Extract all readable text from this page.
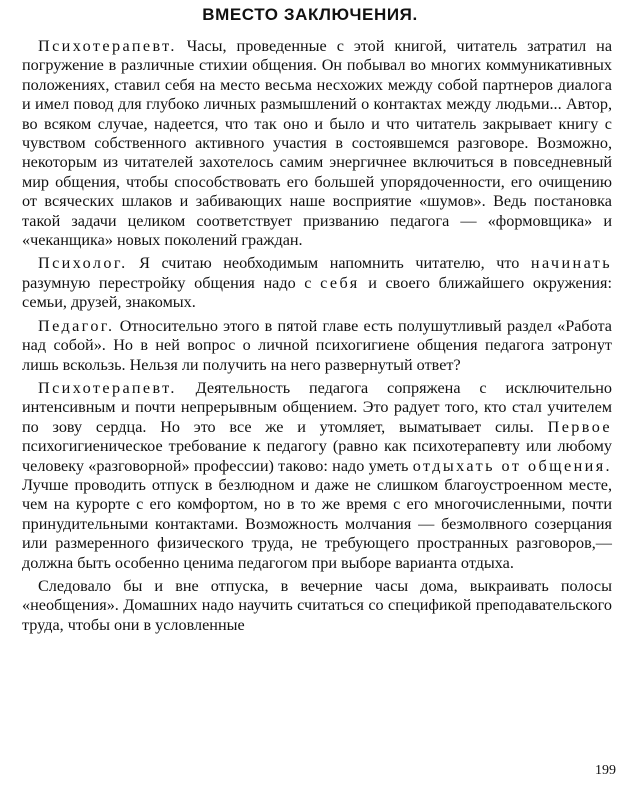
ВМЕСТО ЗАКЛЮЧЕНИЯ.

Психотерапевт. Часы, проведенные с этой книгой, читатель затратил на погружение в различные стихии общения. Он побывал во многих коммуникативных положениях, ставил себя на место весьма несхожих между собой партнеров диалога и имел повод для глубоко личных размышлений о контактах между людьми... Автор, во всяком случае, надеется, что так оно и было и что читатель закрывает книгу с чувством собственного активного участия в состоявшемся разговоре. Возможно, некоторым из читателей захотелось самим энергичнее включиться в повседневный мир общения, чтобы способствовать его большей упорядоченности, его очищению от всяческих шлаков и забивающих наше восприятие «шумов». Ведь постановка такой задачи целиком соответствует призванию педагога — «формовщика» и «чеканщика» новых поколений граждан.

Психолог. Я считаю необходимым напомнить читателю, что начинать разумную перестройку общения надо с себя и своего ближайшего окружения: семьи, друзей, знакомых.

Педагог. Относительно этого в пятой главе есть полушутливый раздел «Работа над собой». Но в ней вопрос о личной психогигиене общения педагога затронут лишь вскользь. Нельзя ли получить на него развернутый ответ?

Психотерапевт. Деятельность педагога сопряжена с исключительно интенсивным и почти непрерывным общением. Это радует того, кто стал учителем по зову сердца. Но это все же и утомляет, выматывает силы. Первое психогигиеническое требование к педагогу (равно как психотерапевту или любому человеку «разговорной» профессии) таково: надо уметь отдыхать от общения. Лучше проводить отпуск в безлюдном и даже не слишком благоустроенном месте, чем на курорте с его комфортом, но в то же время с его многочисленными, почти принудительными контактами. Возможность молчания — безмолвного созерцания или размеренного физического труда, не требующего пространных разговоров,— должна быть особенно ценима педагогом при выборе варианта отдыха.

Следовало бы и вне отпуска, в вечерние часы дома, выкраивать полосы «необщения». Домашних надо научить считаться со спецификой преподавательского труда, чтобы они в условленные

199
